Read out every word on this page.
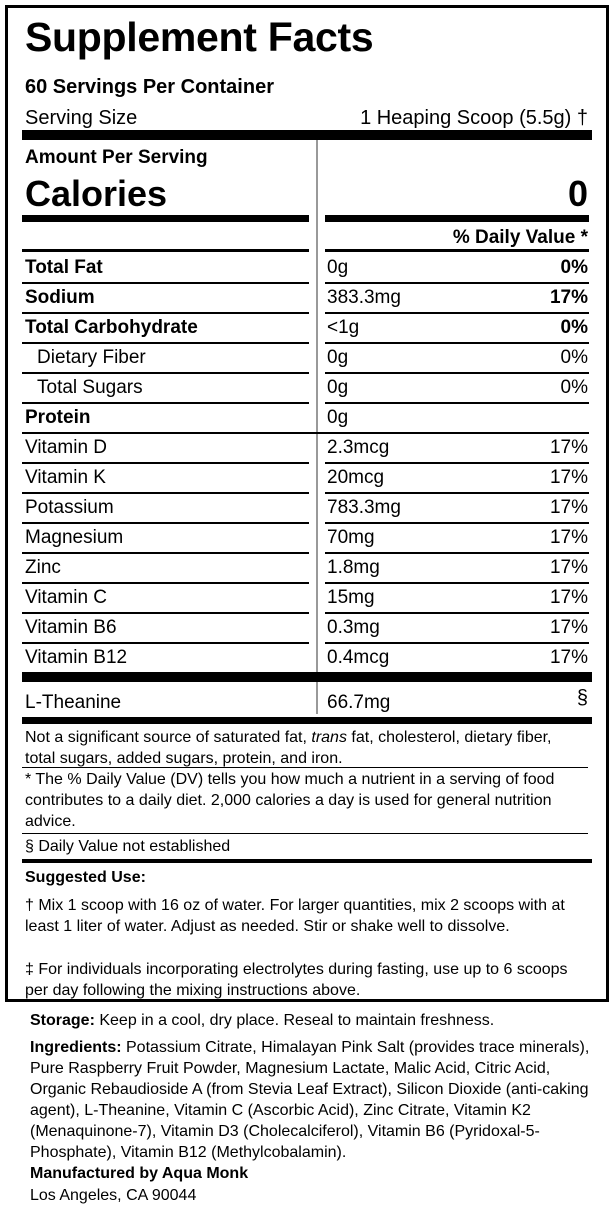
Supplement Facts
60 Servings Per Container
Serving Size	1 Heaping Scoop (5.5g) †
Amount Per Serving
Calories	0
% Daily Value *
Total Fat	0g	0%
Sodium	383.3mg	17%
Total Carbohydrate	<1g	0%
Dietary Fiber	0g	0%
Total Sugars	0g	0%
Protein	0g
Vitamin D	2.3mcg	17%
Vitamin K	20mcg	17%
Potassium	783.3mg	17%
Magnesium	70mg	17%
Zinc	1.8mg	17%
Vitamin C	15mg	17%
Vitamin B6	0.3mg	17%
Vitamin B12	0.4mcg	17%
L-Theanine	66.7mg	§
Not a significant source of saturated fat, trans fat, cholesterol, dietary fiber, total sugars, added sugars, protein, and iron.
* The % Daily Value (DV) tells you how much a nutrient in a serving of food contributes to a daily diet. 2,000 calories a day is used for general nutrition advice.
§ Daily Value not established
Suggested Use:
† Mix 1 scoop with 16 oz of water. For larger quantities, mix 2 scoops with at least 1 liter of water. Adjust as needed. Stir or shake well to dissolve.
‡ For individuals incorporating electrolytes during fasting, use up to 6 scoops per day following the mixing instructions above.
Storage: Keep in a cool, dry place. Reseal to maintain freshness.
Ingredients: Potassium Citrate, Himalayan Pink Salt (provides trace minerals), Pure Raspberry Fruit Powder, Magnesium Lactate, Malic Acid, Citric Acid, Organic Rebaudioside A (from Stevia Leaf Extract), Silicon Dioxide (anti-caking agent), L-Theanine, Vitamin C (Ascorbic Acid), Zinc Citrate, Vitamin K2 (Menaquinone-7), Vitamin D3 (Cholecalciferol), Vitamin B6 (Pyridoxal-5-Phosphate), Vitamin B12 (Methylcobalamin).
Manufactured by Aqua Monk
Los Angeles, CA 90044
